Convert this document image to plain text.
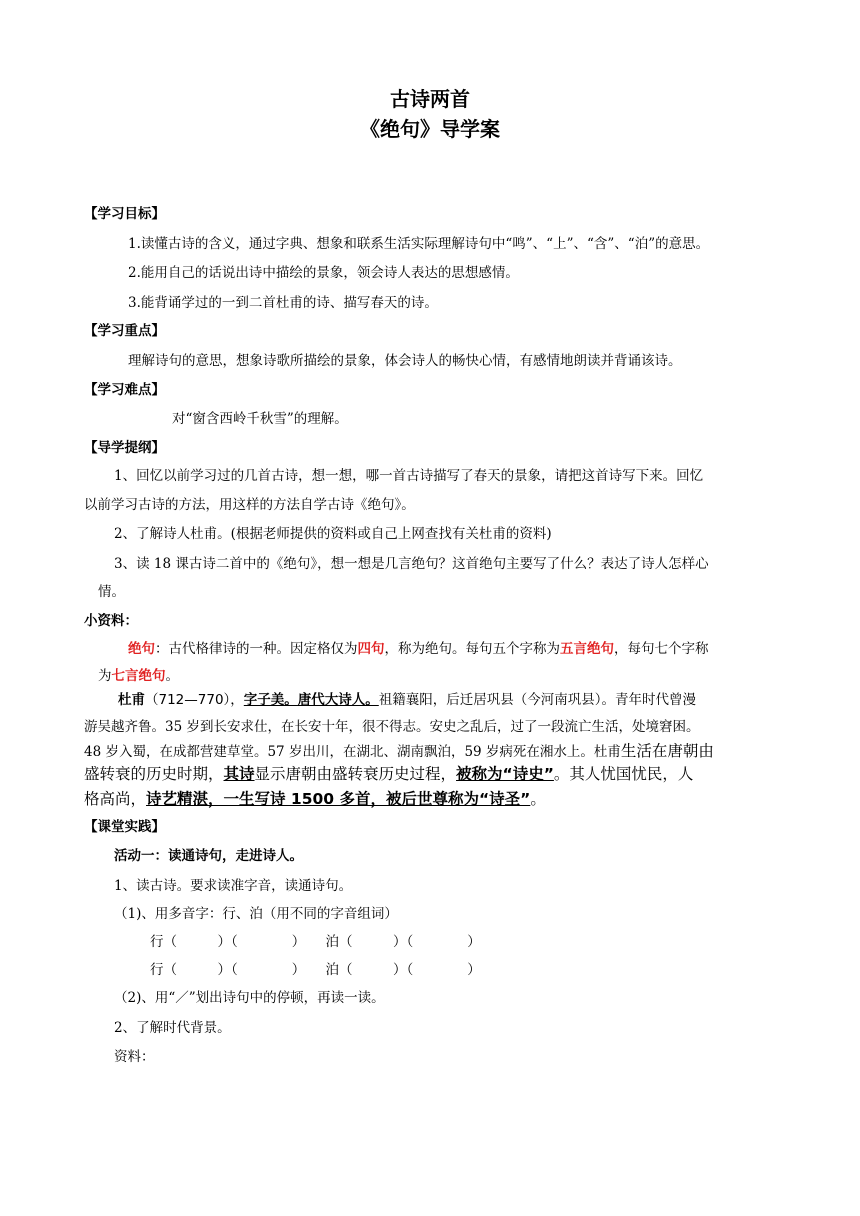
古诗两首
《绝句》导学案
【学习目标】
1.读懂古诗的含义，通过字典、想象和联系生活实际理解诗句中“鸣”、“上”、“含”、“泊”的意思。
2.能用自己的话说出诗中描绘的景象，领会诗人表达的思想感情。
3.能背诵学过的一到二首杜甫的诗、描写春天的诗。
【学习重点】
理解诗句的意思，想象诗歌所描绘的景象，体会诗人的畅快心情，有感情地朗读并背诵该诗。
【学习难点】
对“窗含西岭千秋雪”的理解。
【导学提纲】
1、回忆以前学习过的几首古诗，想一想，哪一首古诗描写了春天的景象，请把这首诗写下来。回忆
以前学习古诗的方法，用这样的方法自学古诗《绝句》。
2、了解诗人杜甫。(根据老师提供的资料或自己上网查找有关杜甫的资料)
3、读 18 课古诗二首中的《绝句》，想一想是几言绝句？这首绝句主要写了什么？表达了诗人怎样心
情。
小资料：
绝句：古代格律诗的一种。因定格仅为四句，称为绝句。每句五个字称为五言绝句，每句七个字称
为七言绝句。
杜甫（712—770），字子美。唐代大诗人。祖籍襄阳，后迁居巩县（今河南巩县）。青年时代曾漫
游吴越齐鲁。35 岁到长安求仕，在长安十年，很不得志。安史之乱后，过了一段流亡生活，处境窘困。
48 岁入蜀，在成都营建草堂。57 岁出川，在湖北、湖南飘泊，59 岁病死在湘水上。杜甫生活在唐朝由
盛转衰的历史时期，其诗显示唐朝由盛转衰历史过程，被称为“诗史”。其人忧国忧民，人
格高尚，诗艺精湛，一生写诗 1500 多首，被后世尊称为“诗圣”。
【课堂实践】
活动一：读通诗句，走进诗人。
1、读古诗。要求读准字音，读通诗句。
（1)、用多音字：行、泊（用不同的字音组词）
行（　　　）（　　　　）　　泊（　　　）（　　　　）
行（　　　）（　　　　）　　泊（　　　）（　　　　）
（2)、用“／”划出诗句中的停顿，再读一读。
2、了解时代背景。
资料：
